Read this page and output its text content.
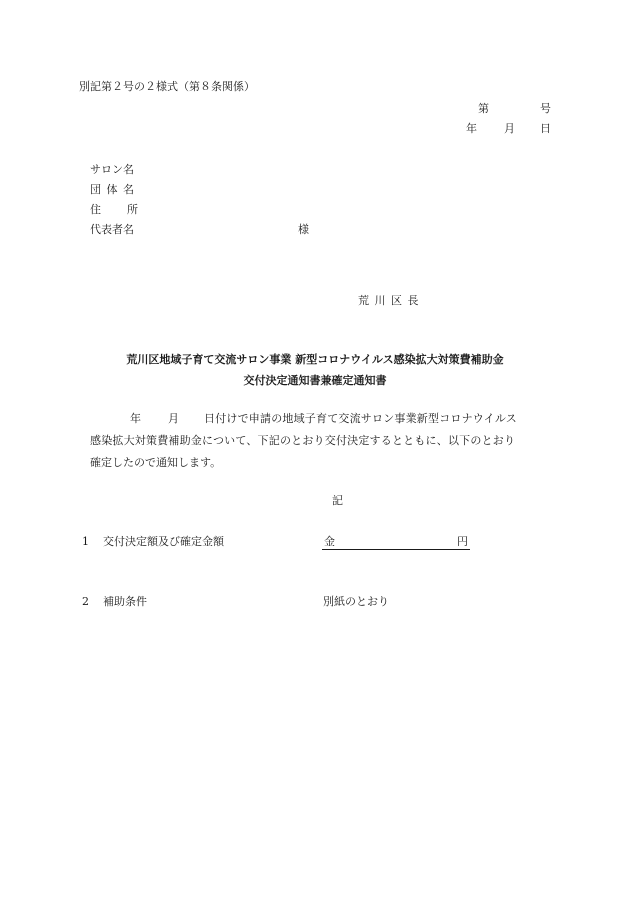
別記第２号の２様式（第８条関係）
第	号
年 月 日
サロン名
団 体 名
住 所
代表者名	様
荒 川 区 長
荒川区地域子育て交流サロン事業 新型コロナウイルス感染拡大対策費補助金
交付決定通知書兼確定通知書
年 月 日付けで申請の地域子育て交流サロン事業新型コロナウイルス
感染拡大対策費補助金について、下記のとおり交付決定するとともに、以下のとおり
確定したので通知します。
記
1 交付決定額及び確定金額	金	円
2 補助条件	別紙のとおり
